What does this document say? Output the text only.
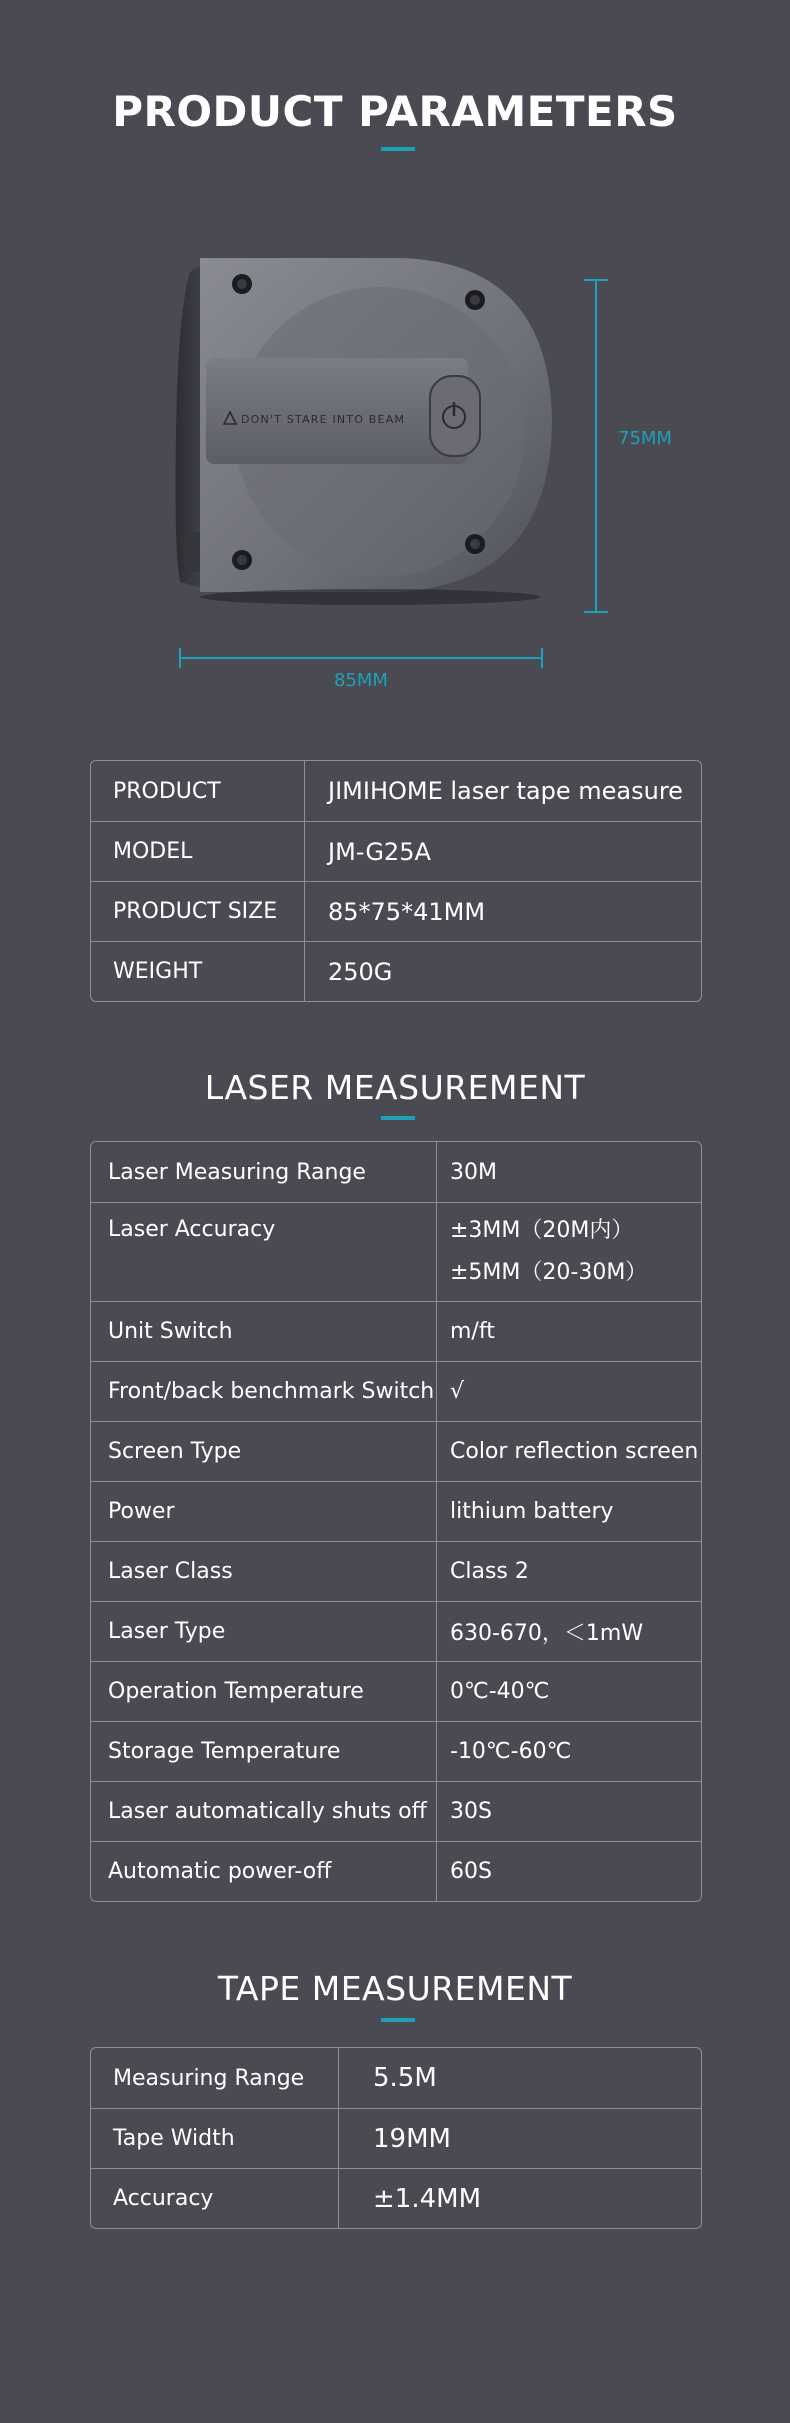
PRODUCT PARAMETERS
DON'T STARE INTO BEAM
85MM
75MM
PRODUCT	JIMIHOME laser tape measure
MODEL	JM-G25A
PRODUCT SIZE	85*75*41MM
WEIGHT	250G
LASER MEASUREMENT
Laser Measuring Range	30M
Laser Accuracy	±3MM（20M内）
±5MM（20-30M）
Unit Switch	m/ft
Front/back benchmark Switch √
Screen Type	Color reflection screen
Power	lithium battery
Laser Class	Class 2
Laser Type	630-670，＜1mW
Operation Temperature	0℃-40℃
Storage Temperature	-10℃-60℃
Laser automatically shuts off	30S
Automatic power-off	60S
TAPE MEASUREMENT
Measuring Range	5.5M
Tape Width	19MM
Accuracy	±1.4MM
